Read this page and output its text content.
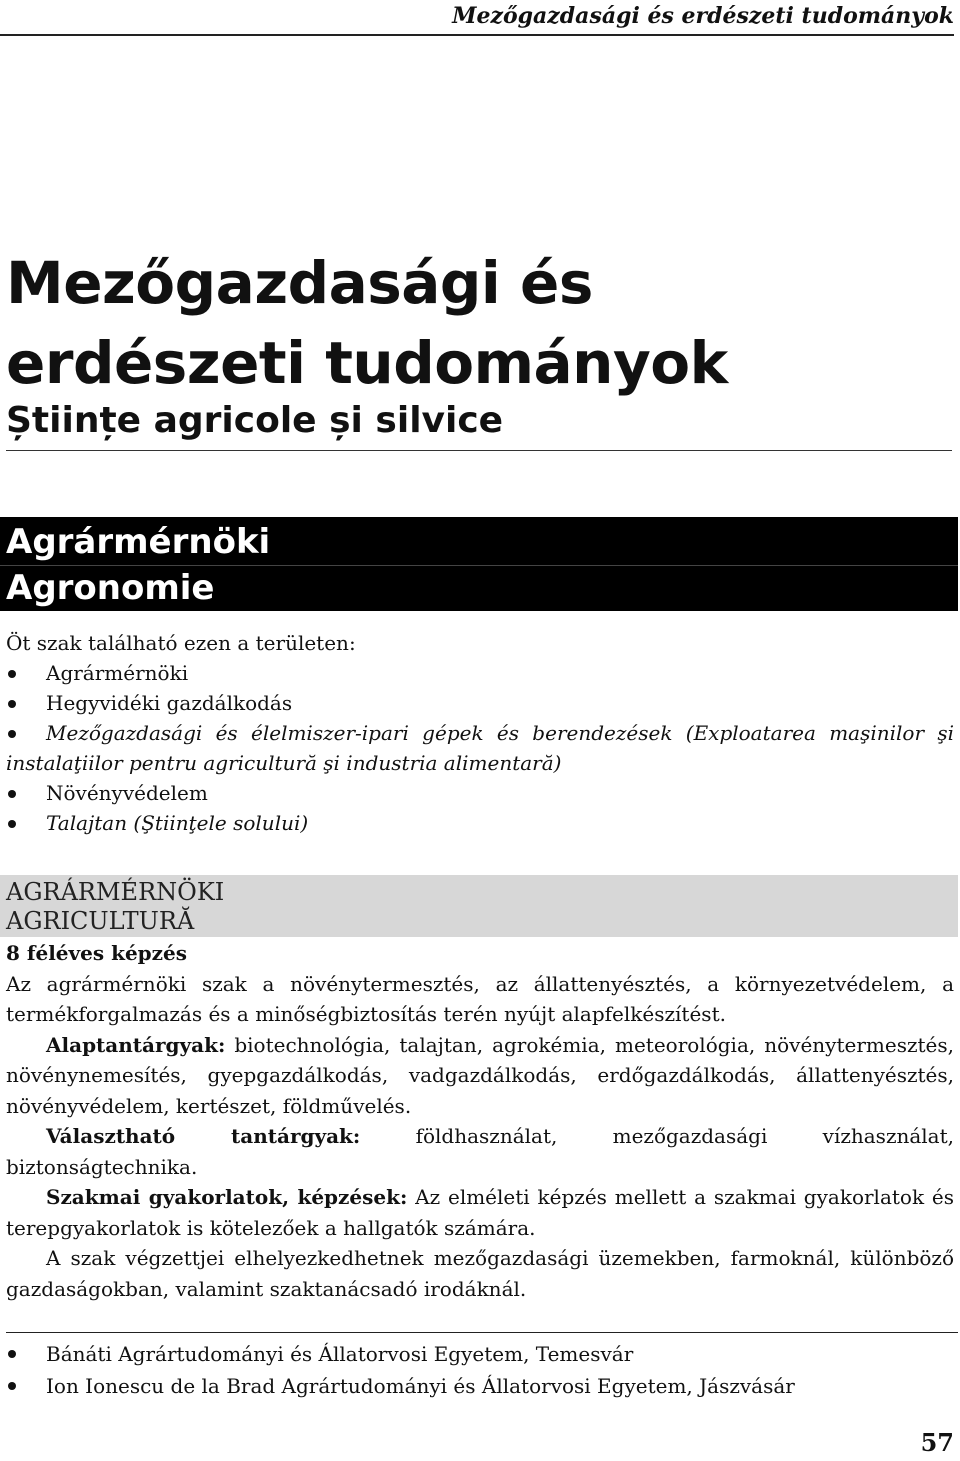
Mezőgazdasági és erdészeti tudományok
Mezőgazdasági és
erdészeti tudományok
Științe agricole și silvice
Agrármérnöki
Agronomie

Öt szak található ezen a területen:

Agrármérnöki
Hegyvidéki gazdálkodás
Mezőgazdasági és élelmiszer-ipari gépek és berendezések (Exploatarea maşinilor şi instalaţiilor pentru agricultură şi industria alimentară)
Növényvédelem
Talajtan (Ştiinţele solului)
AGRÁRMÉRNÖKI
AGRICULTURĂ

8 féléves képzés

Az agrármérnöki szak a növénytermesztés, az állattenyésztés, a környezetvédelem, a termékforgalmazás és a minőségbiztosítás terén nyújt alapfelkészítést.

Alaptantárgyak: biotechnológia, talajtan, agrokémia, meteorológia, növénytermesztés, növénynemesítés, gyepgazdálkodás, vadgazdálkodás, erdőgazdálkodás, állattenyésztés, növényvédelem, kertészet, földművelés.

Választható tantárgyak: földhasználat, mezőgazdasági vízhasználat, biztonságtechnika.

Szakmai gyakorlatok, képzések: Az elméleti képzés mellett a szakmai gyakorlatok és terepgyakorlatok is kötelezőek a hallgatók számára.

A szak végzettjei elhelyezkedhetnek mezőgazdasági üzemekben, farmoknál, különböző gazdaságokban, valamint szaktanácsadó irodáknál.

Bánáti Agrártudományi és Állatorvosi Egyetem, Temesvár
Ion Ionescu de la Brad Agrártudományi és Állatorvosi Egyetem, Jászvásár
57
